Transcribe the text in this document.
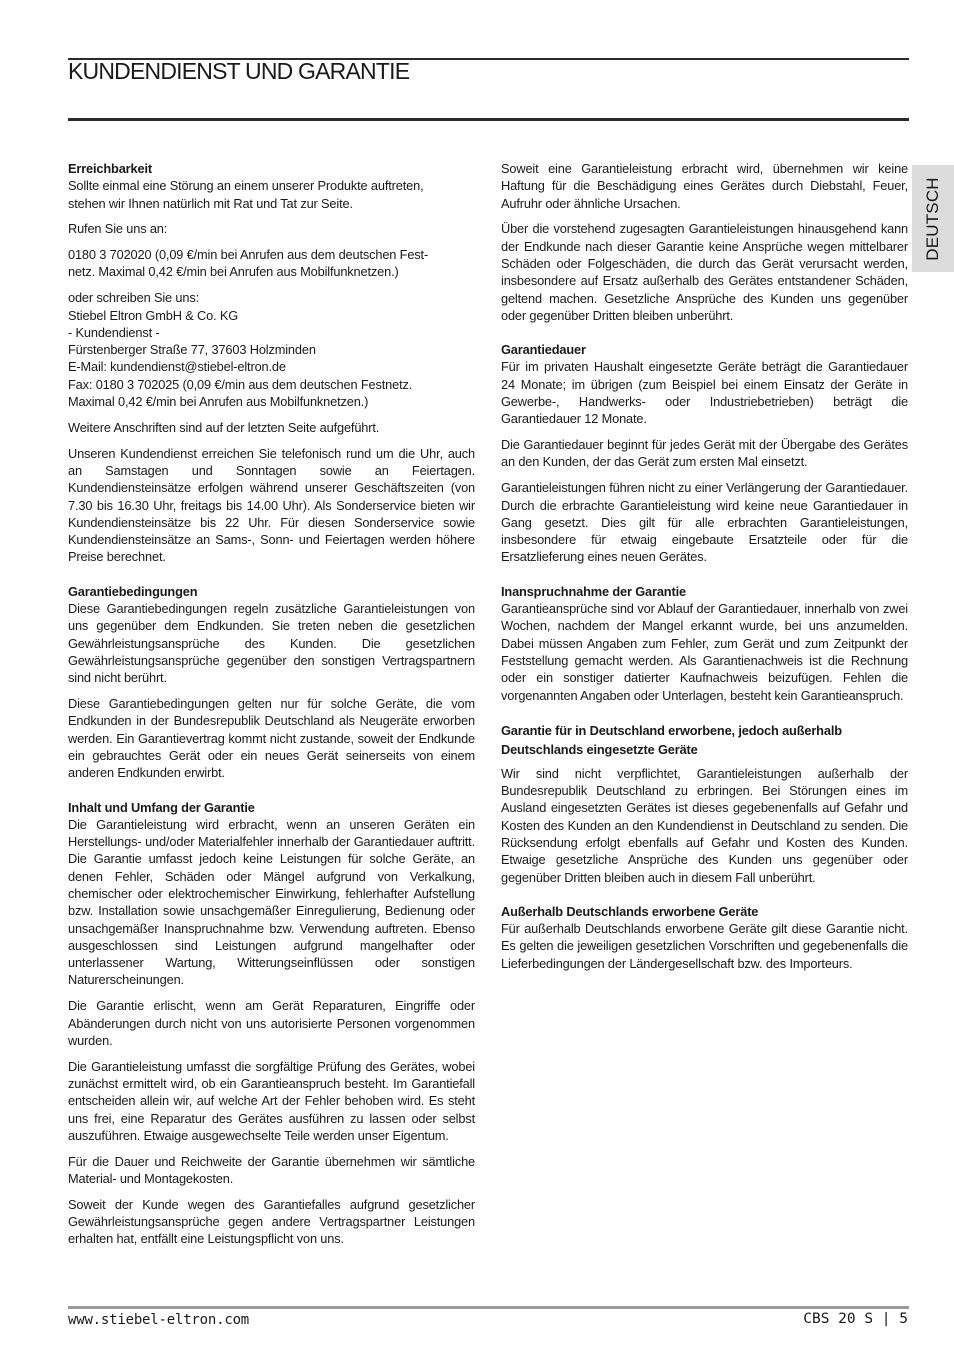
KUNDENDIENST UND GARANTIE
DEUTSCH
Erreichbarkeit

Sollte einmal eine Störung an einem unserer Produkte auftreten,
stehen wir Ihnen natürlich mit Rat und Tat zur Seite.

Rufen Sie uns an:

0180 3 702020 (0,09 €/min bei Anrufen aus dem deutschen Fest-
netz. Maximal 0,42 €/min bei Anrufen aus Mobilfunknetzen.)

oder schreiben Sie uns:
Stiebel Eltron GmbH & Co. KG
- Kundendienst -
Fürstenberger Straße 77, 37603 Holzminden
E-Mail: kundendienst@stiebel-eltron.de
Fax: 0180 3 702025 (0,09 €/min aus dem deutschen Festnetz.
Maximal 0,42 €/min bei Anrufen aus Mobilfunknetzen.)

Weitere Anschriften sind auf der letzten Seite aufgeführt.

Unseren Kundendienst erreichen Sie telefonisch rund um die Uhr, auch an Samstagen und Sonntagen sowie an Feiertagen. Kundendiensteinsätze erfolgen während unserer Geschäftszeiten (von 7.30 bis 16.30 Uhr, freitags bis 14.00 Uhr). Als Sonderservice bieten wir Kundendiensteinsätze bis 22 Uhr. Für diesen Sonderservice sowie Kundendiensteinsätze an Sams-, Sonn- und Feiertagen werden höhere Preise berechnet.

Garantiebedingungen

Diese Garantiebedingungen regeln zusätzliche Garantieleistungen von uns gegenüber dem Endkunden. Sie treten neben die gesetzlichen Gewährleistungsansprüche des Kunden. Die gesetzlichen Gewährleistungsansprüche gegenüber den sonstigen Vertragspartnern sind nicht berührt.

Diese Garantiebedingungen gelten nur für solche Geräte, die vom Endkunden in der Bundesrepublik Deutschland als Neugeräte erworben werden. Ein Garantievertrag kommt nicht zustande, soweit der Endkunde ein gebrauchtes Gerät oder ein neues Gerät seinerseits von einem anderen Endkunden erwirbt.

Inhalt und Umfang der Garantie

Die Garantieleistung wird erbracht, wenn an unseren Geräten ein Herstellungs- und/oder Materialfehler innerhalb der Garantiedauer auftritt. Die Garantie umfasst jedoch keine Leistungen für solche Geräte, an denen Fehler, Schäden oder Mängel aufgrund von Verkalkung, chemischer oder elektrochemischer Einwirkung, fehlerhafter Aufstellung bzw. Installation sowie unsachgemäßer Einregulierung, Bedienung oder unsachgemäßer Inanspruchnahme bzw. Verwendung auftreten. Ebenso ausgeschlossen sind Leistungen aufgrund mangelhafter oder unterlassener Wartung, Witterungseinflüssen oder sonstigen Naturerscheinungen.

Die Garantie erlischt, wenn am Gerät Reparaturen, Eingriffe oder Abänderungen durch nicht von uns autorisierte Personen vorgenommen wurden.

Die Garantieleistung umfasst die sorgfältige Prüfung des Gerätes, wobei zunächst ermittelt wird, ob ein Garantieanspruch besteht. Im Garantiefall entscheiden allein wir, auf welche Art der Fehler behoben wird. Es steht uns frei, eine Reparatur des Gerätes ausführen zu lassen oder selbst auszuführen. Etwaige ausgewechselte Teile werden unser Eigentum.

Für die Dauer und Reichweite der Garantie übernehmen wir sämtliche Material- und Montagekosten.

Soweit der Kunde wegen des Garantiefalles aufgrund gesetzlicher Gewährleistungsansprüche gegen andere Vertragspartner Leistungen erhalten hat, entfällt eine Leistungspflicht von uns.

Soweit eine Garantieleistung erbracht wird, übernehmen wir keine Haftung für die Beschädigung eines Gerätes durch Diebstahl, Feuer, Aufruhr oder ähnliche Ursachen.

Über die vorstehend zugesagten Garantieleistungen hinausgehend kann der Endkunde nach dieser Garantie keine Ansprüche wegen mittelbarer Schäden oder Folgeschäden, die durch das Gerät verursacht werden, insbesondere auf Ersatz außerhalb des Gerätes entstandener Schäden, geltend machen. Gesetzliche Ansprüche des Kunden uns gegenüber oder gegenüber Dritten bleiben unberührt.

Garantiedauer

Für im privaten Haushalt eingesetzte Geräte beträgt die Garantiedauer 24 Monate; im übrigen (zum Beispiel bei einem Einsatz der Geräte in Gewerbe-, Handwerks- oder Industriebetrieben) beträgt die Garantiedauer 12 Monate.

Die Garantiedauer beginnt für jedes Gerät mit der Übergabe des Gerätes an den Kunden, der das Gerät zum ersten Mal einsetzt.

Garantieleistungen führen nicht zu einer Verlängerung der Garantiedauer. Durch die erbrachte Garantieleistung wird keine neue Garantiedauer in Gang gesetzt. Dies gilt für alle erbrachten Garantieleistungen, insbesondere für etwaig eingebaute Ersatzteile oder für die Ersatzlieferung eines neuen Gerätes.

Inanspruchnahme der Garantie

Garantieansprüche sind vor Ablauf der Garantiedauer, innerhalb von zwei Wochen, nachdem der Mangel erkannt wurde, bei uns anzumelden. Dabei müssen Angaben zum Fehler, zum Gerät und zum Zeitpunkt der Feststellung gemacht werden. Als Garantienachweis ist die Rechnung oder ein sonstiger datierter Kaufnachweis beizufügen. Fehlen die vorgenannten Angaben oder Unterlagen, besteht kein Garantieanspruch.

Garantie für in Deutschland erworbene, jedoch außerhalb Deutschlands eingesetzte Geräte

Wir sind nicht verpflichtet, Garantieleistungen außerhalb der Bundesrepublik Deutschland zu erbringen. Bei Störungen eines im Ausland eingesetzten Gerätes ist dieses gegebenenfalls auf Gefahr und Kosten des Kunden an den Kundendienst in Deutschland zu senden. Die Rücksendung erfolgt ebenfalls auf Gefahr und Kosten des Kunden. Etwaige gesetzliche Ansprüche des Kunden uns gegenüber oder gegenüber Dritten bleiben auch in diesem Fall unberührt.

Außerhalb Deutschlands erworbene Geräte

Für außerhalb Deutschlands erworbene Geräte gilt diese Garantie nicht. Es gelten die jeweiligen gesetzlichen Vorschriften und gegebenenfalls die Lieferbedingungen der Ländergesellschaft bzw. des Importeurs.

www.stiebel-eltron.com	CBS 20 S | 5
